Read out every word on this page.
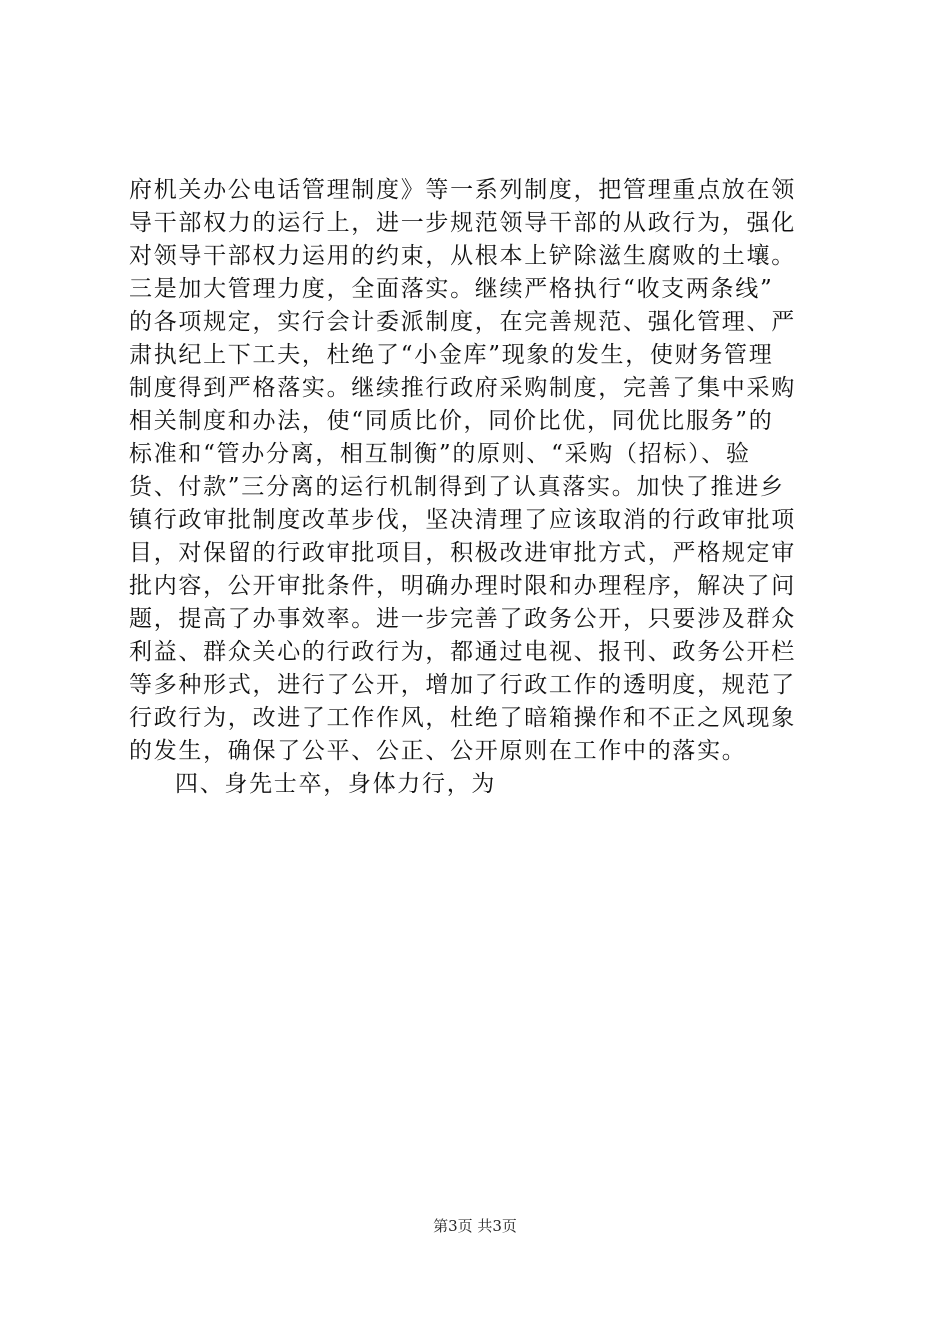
府机关办公电话管理制度》等一系列制度，把管理重点放在领
导干部权力的运行上，进一步规范领导干部的从政行为，强化
对领导干部权力运用的约束，从根本上铲除滋生腐败的土壤。
三是加大管理力度，全面落实。继续严格执行“收支两条线”
的各项规定，实行会计委派制度，在完善规范、强化管理、严
肃执纪上下工夫，杜绝了“小金库”现象的发生，使财务管理
制度得到严格落实。继续推行政府采购制度，完善了集中采购
相关制度和办法，使“同质比价，同价比优，同优比服务”的
标准和“管办分离，相互制衡”的原则、“采购（招标）、验
货、付款”三分离的运行机制得到了认真落实。加快了推进乡
镇行政审批制度改革步伐，坚决清理了应该取消的行政审批项
目，对保留的行政审批项目，积极改进审批方式，严格规定审
批内容，公开审批条件，明确办理时限和办理程序，解决了问
题，提高了办事效率。进一步完善了政务公开，只要涉及群众
利益、群众关心的行政行为，都通过电视、报刊、政务公开栏
等多种形式，进行了公开，增加了行政工作的透明度，规范了
行政行为，改进了工作作风，杜绝了暗箱操作和不正之风现象
的发生，确保了公平、公正、公开原则在工作中的落实。
四、身先士卒，身体力行，为
第3页 共3页
